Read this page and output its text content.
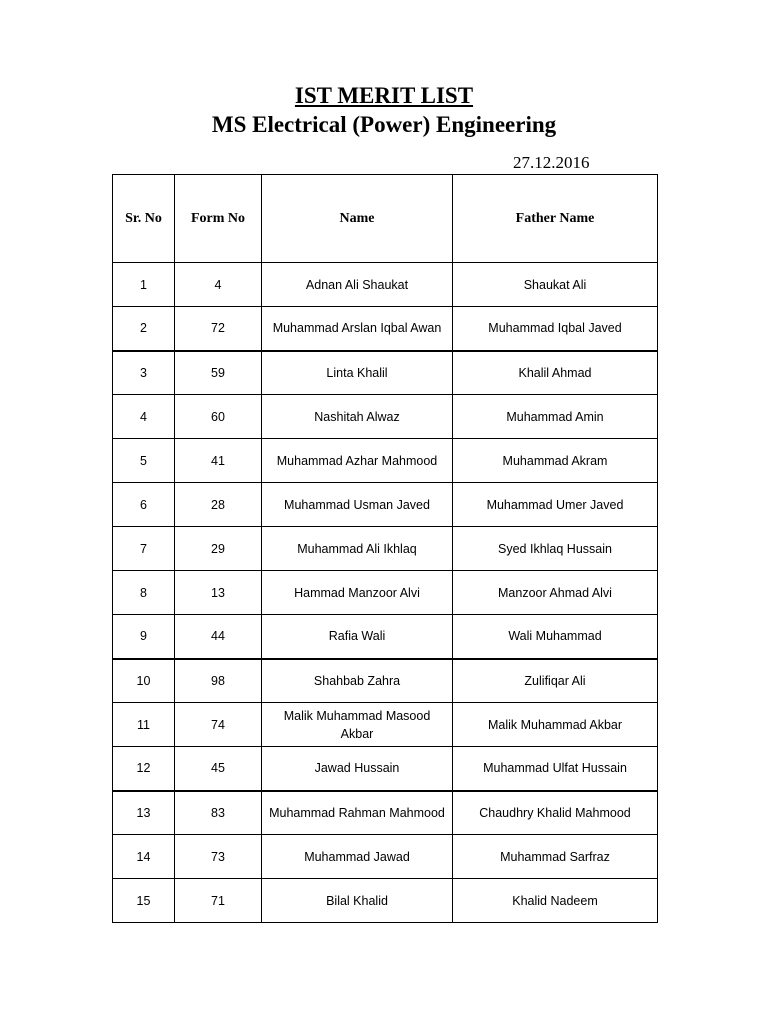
IST MERIT LIST
MS Electrical (Power) Engineering
27.12.2016
Sr. No	Form No	Name	Father Name
1	4	Adnan Ali Shaukat	Shaukat Ali
2	72	Muhammad Arslan Iqbal Awan	Muhammad Iqbal Javed
3	59	Linta Khalil	Khalil Ahmad
4	60	Nashitah Alwaz	Muhammad Amin
5	41	Muhammad Azhar Mahmood	Muhammad Akram
6	28	Muhammad Usman Javed	Muhammad Umer Javed
7	29	Muhammad Ali Ikhlaq	Syed Ikhlaq Hussain
8	13	Hammad Manzoor Alvi	Manzoor Ahmad Alvi
9	44	Rafia Wali	Wali Muhammad
10	98	Shahbab Zahra	Zulifiqar Ali
11	74	Malik Muhammad Masood Akbar	Malik Muhammad Akbar
12	45	Jawad Hussain	Muhammad Ulfat Hussain
13	83	Muhammad Rahman Mahmood	Chaudhry Khalid Mahmood
14	73	Muhammad Jawad	Muhammad Sarfraz
15	71	Bilal Khalid	Khalid Nadeem
